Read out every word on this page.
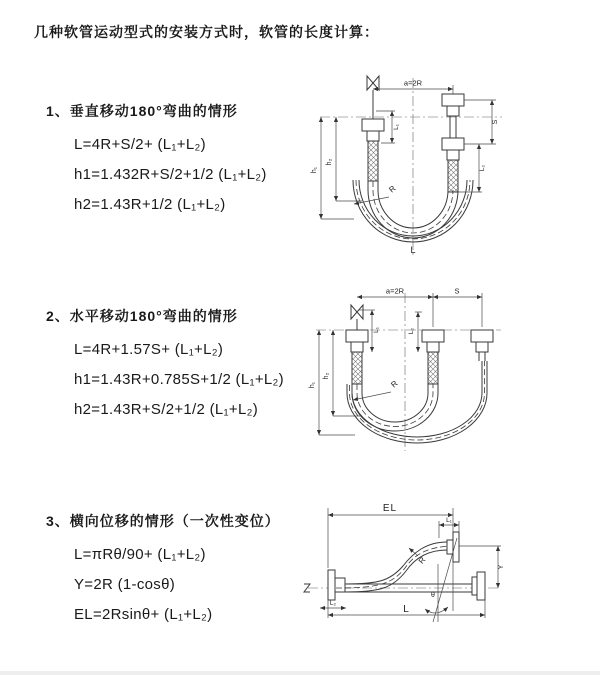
几种软管运动型式的安装方式时，软管的长度计算：
1、垂直移动180°弯曲的情形
L=4R+S/2+ (L₁+L₂)
h1=1.432R+S/2+1/2 (L₁+L₂)
h2=1.43R+1/2 (L₁+L₂)
2、水平移动180°弯曲的情形
L=4R+1.57S+ (L₁+L₂)
h1=1.43R+0.785S+1/2 (L₁+L₂)
h2=1.43R+S/2+1/2 (L₁+L₂)
3、横向位移的情形（一次性变位）
L=πRθ/90+ (L₁+L₂)
Y=2R (1-cosθ)
EL=2Rsinθ+ (L₁+L₂)
a=2R
h₁
h₂
L₁
S
L₂
R
L
a=2R	S
h₁
h₂
L₁	L₂
R
EL
L₁
Y
L
L₂
R
θ
